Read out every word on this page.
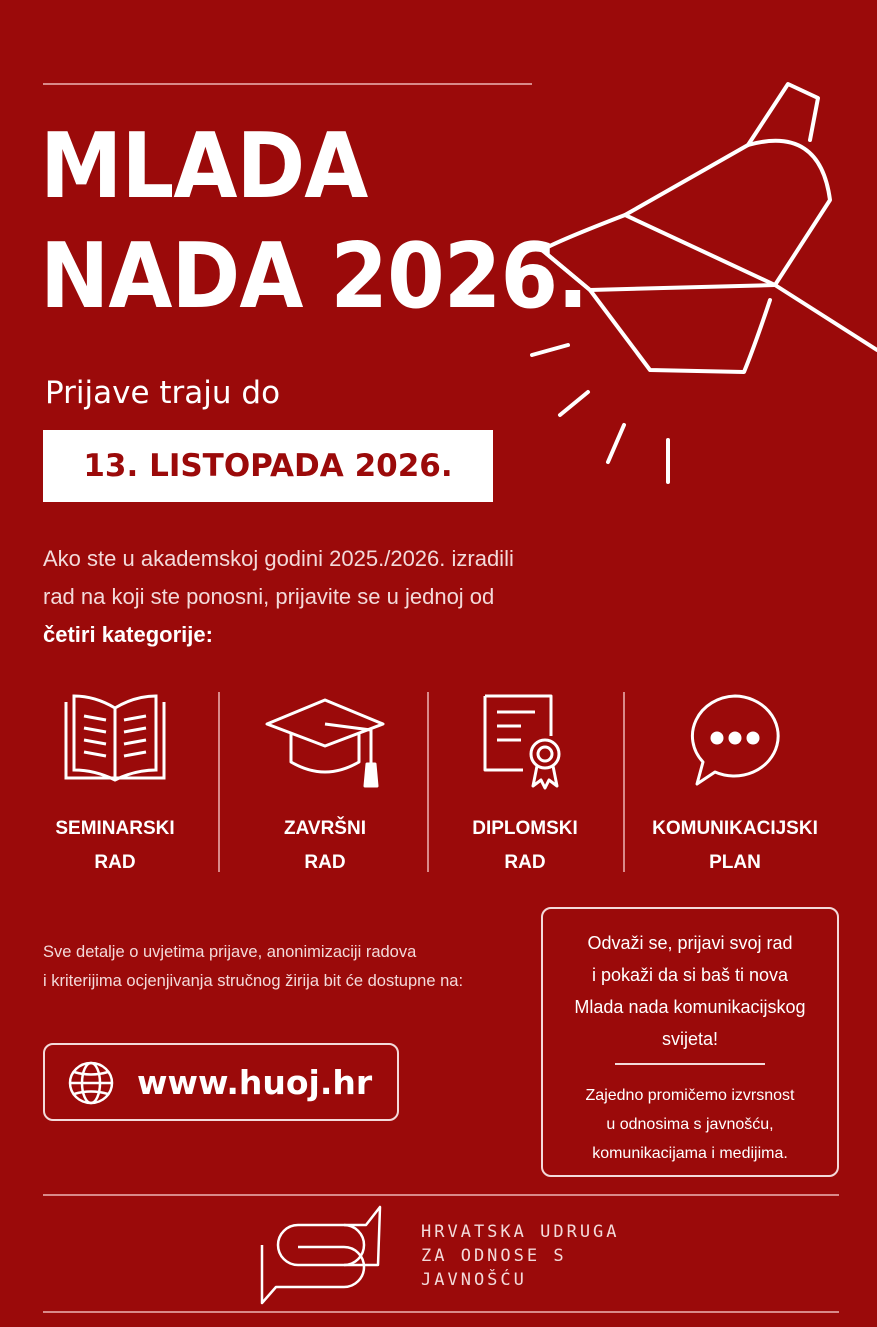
MLADA
NADA 2026.
Prijave traju do
13. LISTOPADA 2026.
Ako ste u akademskoj godini 2025./2026. izradili
rad na koji ste ponosni, prijavite se u jednoj od
četiri kategorije:
SEMINARSKI
RAD
ZAVRŠNI
RAD
DIPLOMSKI
RAD
KOMUNIKACIJSKI
PLAN
Sve detalje o uvjetima prijave, anonimizaciji radova
i kriterijima ocjenjivanja stručnog žirija bit će dostupne na:
www.huoj.hr
Odvaži se, prijavi svoj rad
i pokaži da si baš ti nova
Mlada nada komunikacijskog
svijeta!
Zajedno promičemo izvrsnost
u odnosima s javnošću,
komunikacijama i medijima.
HRVATSKA UDRUGA
ZA ODNOSE S
JAVNOŠĆU
